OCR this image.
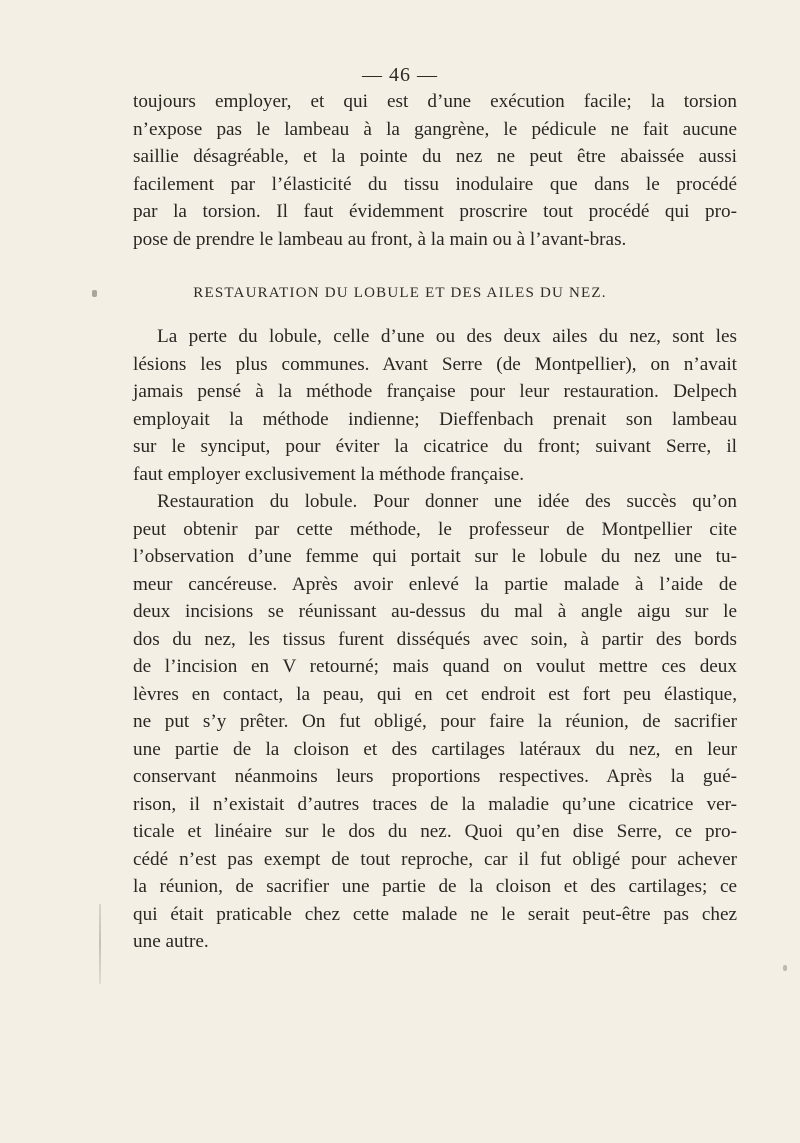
— 46 —
toujours employer, et qui est d’une exécution facile; la torsion
n’expose pas le lambeau à la gangrène, le pédicule ne fait aucune
saillie désagréable, et la pointe du nez ne peut être abaissée aussi
facilement par l’élasticité du tissu inodulaire que dans le procédé
par la torsion. Il faut évidemment proscrire tout procédé qui pro-
pose de prendre le lambeau au front, à la main ou à l’avant-bras.
RESTAURATION DU LOBULE ET DES AILES DU NEZ.
La perte du lobule, celle d’une ou des deux ailes du nez, sont les
lésions les plus communes. Avant Serre (de Montpellier), on n’avait
jamais pensé à la méthode française pour leur restauration. Delpech
employait la méthode indienne; Dieffenbach prenait son lambeau
sur le synciput, pour éviter la cicatrice du front; suivant Serre, il
faut employer exclusivement la méthode française.
Restauration du lobule. Pour donner une idée des succès qu’on
peut obtenir par cette méthode, le professeur de Montpellier cite
l’observation d’une femme qui portait sur le lobule du nez une tu-
meur cancéreuse. Après avoir enlevé la partie malade à l’aide de
deux incisions se réunissant au-dessus du mal à angle aigu sur le
dos du nez, les tissus furent disséqués avec soin, à partir des bords
de l’incision en V retourné; mais quand on voulut mettre ces deux
lèvres en contact, la peau, qui en cet endroit est fort peu élastique,
ne put s’y prêter. On fut obligé, pour faire la réunion, de sacrifier
une partie de la cloison et des cartilages latéraux du nez, en leur
conservant néanmoins leurs proportions respectives. Après la gué-
rison, il n’existait d’autres traces de la maladie qu’une cicatrice ver-
ticale et linéaire sur le dos du nez. Quoi qu’en dise Serre, ce pro-
cédé n’est pas exempt de tout reproche, car il fut obligé pour achever
la réunion, de sacrifier une partie de la cloison et des cartilages; ce
qui était praticable chez cette malade ne le serait peut-être pas chez
une autre.
